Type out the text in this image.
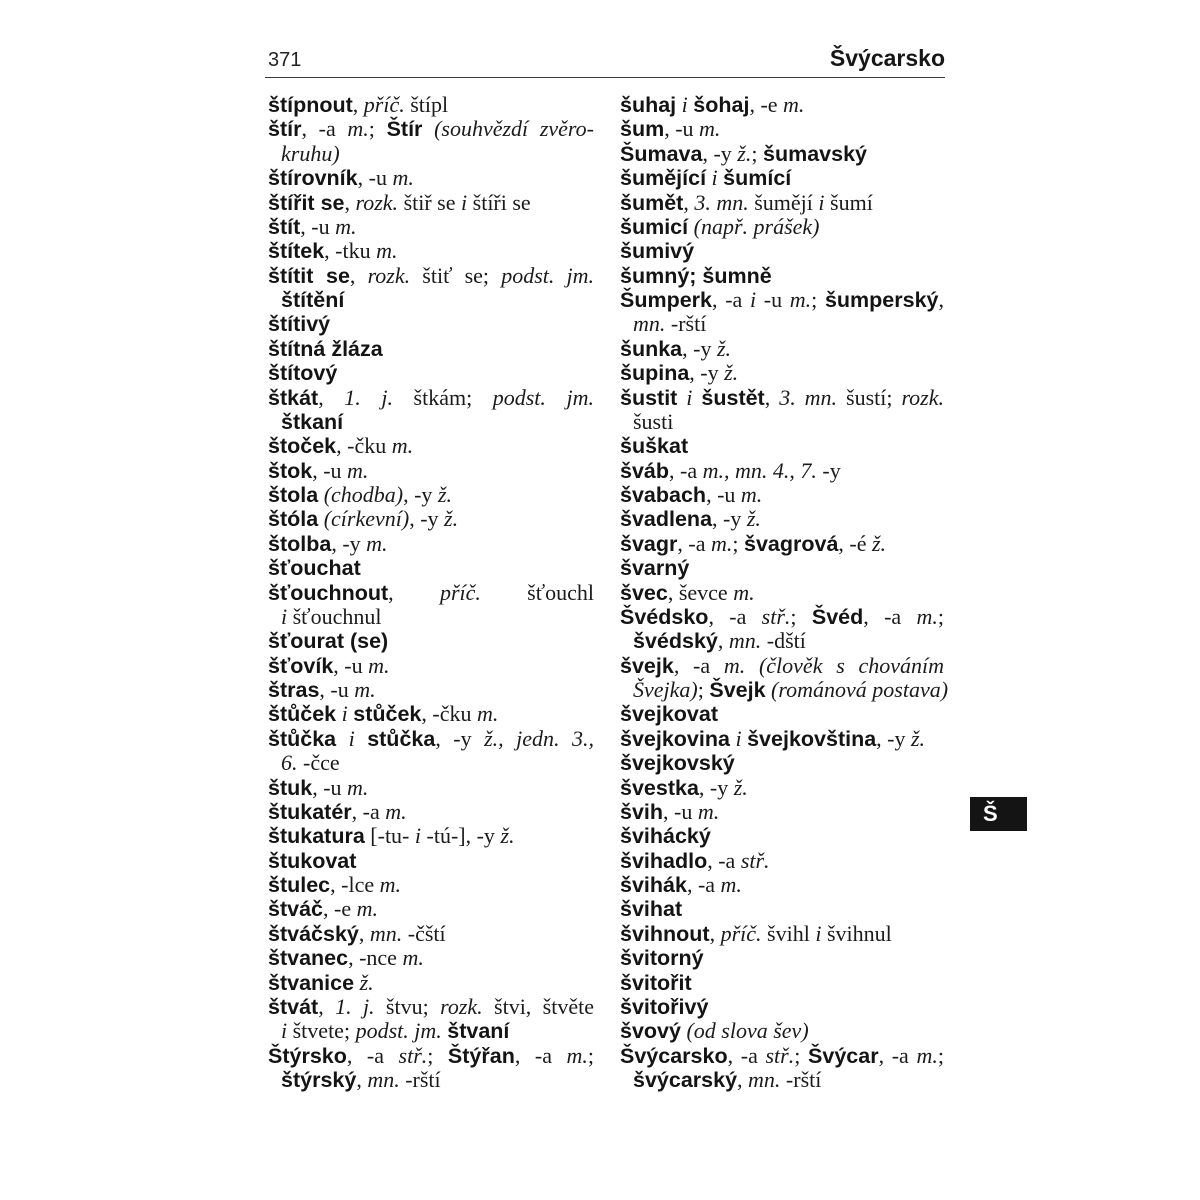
371	Švýcarsko
štípnout, příč. štípl
štír, -a m.; Štír (souhvězdí zvěro-
kruhu)
štírovník, -u m.
štířit se, rozk. štiř se i štíři se
štít, -u m.
štítek, -tku m.
štítit se, rozk. štiť se; podst. jm.
štítění
štítivý
štítná žláza
štítový
štkát, 1. j. štkám; podst. jm.
štkaní
štoček, -čku m.
štok, -u m.
štola (chodba), -y ž.
štóla (církevní), -y ž.
štolba, -y m.
šťouchat
šťouchnout, příč. šťouchl
i šťouchnul
šťourat (se)
šťovík, -u m.
štras, -u m.
štůček i stůček, -čku m.
štůčka i stůčka, -y ž., jedn. 3.,
6. -čce
štuk, -u m.
štukatér, -a m.
štukatura [-tu- i -tú-], -y ž.
štukovat
štulec, -lce m.
štváč, -e m.
štváčský, mn. -čští
štvanec, -nce m.
štvanice ž.
štvát, 1. j. štvu; rozk. štvi, štvěte
i štvete; podst. jm. štvaní
Štýrsko, -a stř.; Štýřan, -a m.;
štýrský, mn. -rští
šuhaj i šohaj, -e m.
šum, -u m.
Šumava, -y ž.; šumavský
šumějící i šumící
šumět, 3. mn. šumějí i šumí
šumicí (např. prášek)
šumivý
šumný; šumně
Šumperk, -a i -u m.; šumperský,
mn. -rští
šunka, -y ž.
šupina, -y ž.
šustit i šustět, 3. mn. šustí; rozk.
šusti
šuškat
šváb, -a m., mn. 4., 7. -y
švabach, -u m.
švadlena, -y ž.
švagr, -a m.; švagrová, -é ž.
švarný
švec, ševce m.
Švédsko, -a stř.; Švéd, -a m.;
švédský, mn. -dští
švejk, -a m. (člověk s chováním
Švejka); Švejk (románová postava)
švejkovat
švejkovina i švejkovština, -y ž.
švejkovský
švestka, -y ž.
švih, -u m.
švihácký
švihadlo, -a stř.
švihák, -a m.
švihat
švihnout, příč. švihl i švihnul
švitorný
švitořit
švitořivý
švový (od slova šev)
Švýcarsko, -a stř.; Švýcar, -a m.;
švýcarský, mn. -rští
Š
